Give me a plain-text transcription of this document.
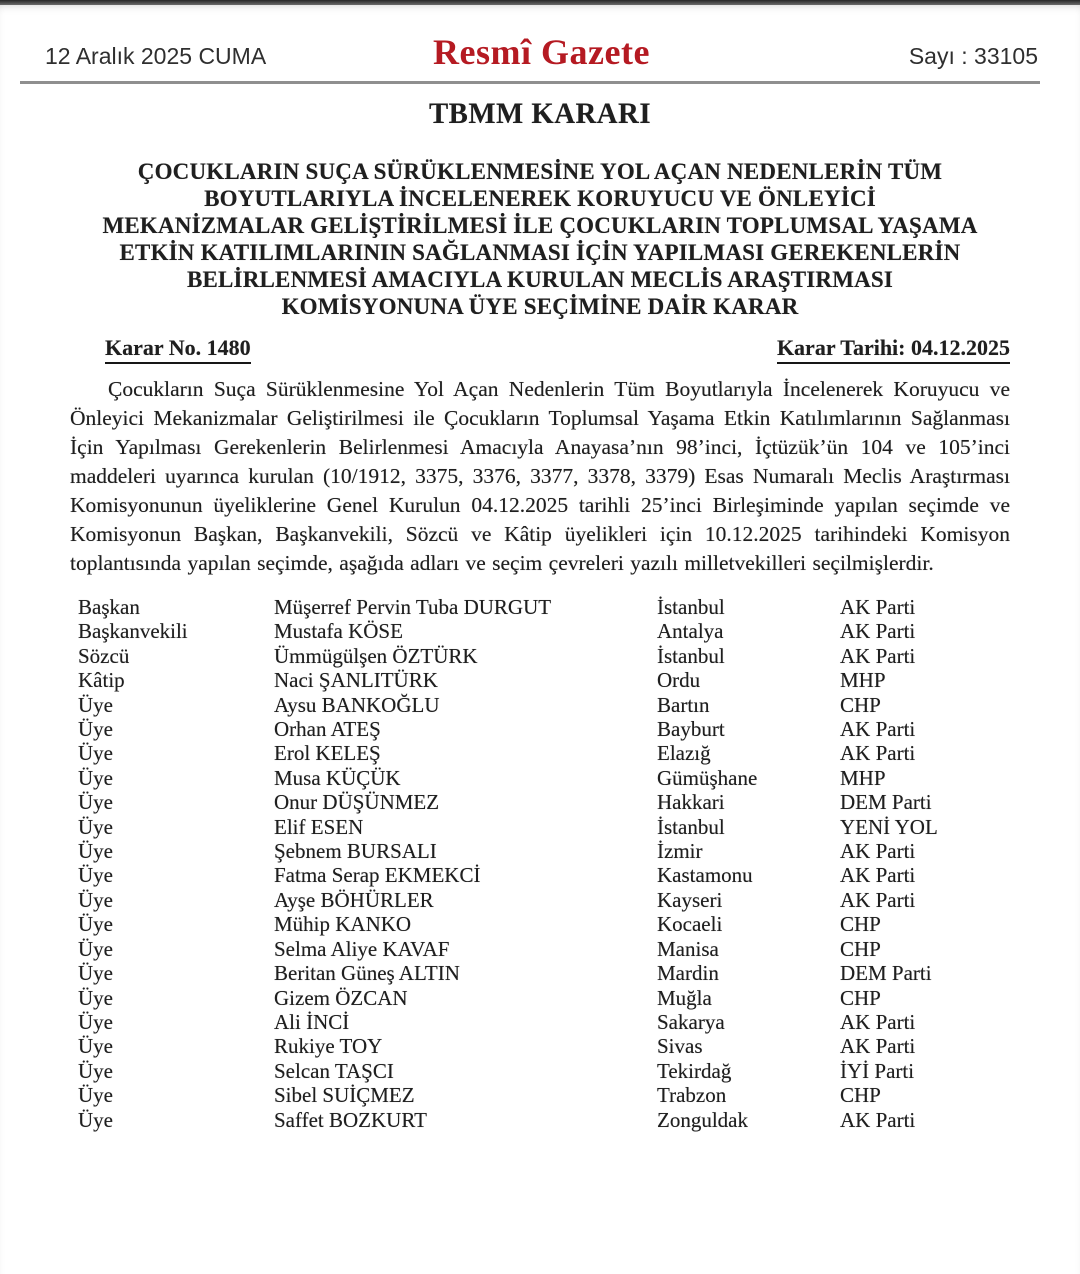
12 Aralık 2025 CUMA	Resmî Gazete	Sayı : 33105
TBMM KARARI
ÇOCUKLARIN SUÇA SÜRÜKLENMESİNE YOL AÇAN NEDENLERİN TÜM
BOYUTLARIYLA İNCELENEREK KORUYUCU VE ÖNLEYİCİ
MEKANİZMALAR GELİŞTİRİLMESİ İLE ÇOCUKLARIN TOPLUMSAL YAŞAMA
ETKİN KATILIMLARININ SAĞLANMASI İÇİN YAPILMASI GEREKENLERİN
BELİRLENMESİ AMACIYLA KURULAN MECLİS ARAŞTIRMASI
KOMİSYONUNA ÜYE SEÇİMİNE DAİR KARAR
Karar No. 1480	Karar Tarihi: 04.12.2025

Çocukların Suça Sürüklenmesine Yol Açan Nedenlerin Tüm Boyutlarıyla İncelenerek Koruyucu ve Önleyici Mekanizmalar Geliştirilmesi ile Çocukların Toplumsal Yaşama Etkin Katılımlarının Sağlanması İçin Yapılması Gerekenlerin Belirlenmesi Amacıyla Anayasa’nın 98’inci, İçtüzük’ün 104 ve 105’inci maddeleri uyarınca kurulan (10/1912, 3375, 3376, 3377, 3378, 3379) Esas Numaralı Meclis Araştırması Komisyonunun üyeliklerine Genel Kurulun 04.12.2025 tarihli 25’inci Birleşiminde yapılan seçimde ve Komisyonun Başkan, Başkanvekili, Sözcü ve Kâtip üyelikleri için 10.12.2025 tarihindeki Komisyon toplantısında yapılan seçimde, aşağıda adları ve seçim çevreleri yazılı milletvekilleri seçilmişlerdir.

Başkan	Müşerref Pervin Tuba DURGUT	İstanbul	AK Parti
Başkanvekili	Mustafa KÖSE	Antalya	AK Parti
Sözcü	Ümmügülşen ÖZTÜRK	İstanbul	AK Parti
Kâtip	Naci ŞANLITÜRK	Ordu	MHP
Üye	Aysu BANKOĞLU	Bartın	CHP
Üye	Orhan ATEŞ	Bayburt	AK Parti
Üye	Erol KELEŞ	Elazığ	AK Parti
Üye	Musa KÜÇÜK	Gümüşhane	MHP
Üye	Onur DÜŞÜNMEZ	Hakkari	DEM Parti
Üye	Elif ESEN	İstanbul	YENİ YOL
Üye	Şebnem BURSALI	İzmir	AK Parti
Üye	Fatma Serap EKMEKCİ	Kastamonu	AK Parti
Üye	Ayşe BÖHÜRLER	Kayseri	AK Parti
Üye	Mühip KANKO	Kocaeli	CHP
Üye	Selma Aliye KAVAF	Manisa	CHP
Üye	Beritan Güneş ALTIN	Mardin	DEM Parti
Üye	Gizem ÖZCAN	Muğla	CHP
Üye	Ali İNCİ	Sakarya	AK Parti
Üye	Rukiye TOY	Sivas	AK Parti
Üye	Selcan TAŞCI	Tekirdağ	İYİ Parti
Üye	Sibel SUİÇMEZ	Trabzon	CHP
Üye	Saffet BOZKURT	Zonguldak	AK Parti
